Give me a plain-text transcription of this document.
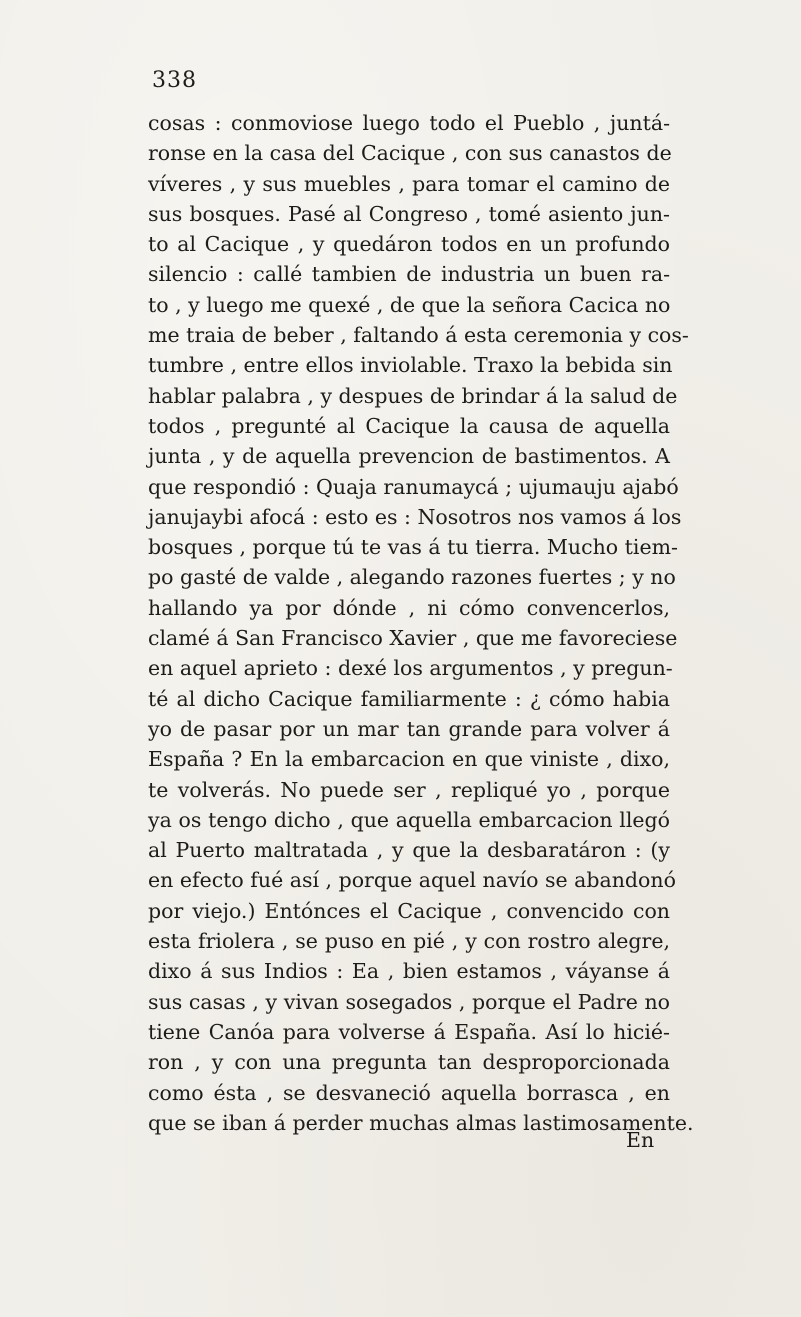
338
cosas : conmoviose luego todo el Pueblo , juntá-
ronse en la casa del Cacique , con sus canastos de
víveres , y sus muebles , para tomar el camino de
sus bosques. Pasé al Congreso , tomé asiento jun-
to al Cacique , y quedáron todos en un profundo
silencio : callé tambien de industria un buen ra-
to , y luego me quexé , de que la señora Cacica no
me traia de beber , faltando á esta ceremonia y cos-
tumbre , entre ellos inviolable. Traxo la bebida sin
hablar palabra , y despues de brindar á la salud de
todos , pregunté al Cacique la causa de aquella
junta , y de aquella prevencion de bastimentos. A
que respondió : Quaja ranumaycá ; ujumauju ajabó
janujaybi afocá : esto es : Nosotros nos vamos á los
bosques , porque tú te vas á tu tierra. Mucho tiem-
po gasté de valde , alegando razones fuertes ; y no
hallando ya por dónde , ni cómo convencerlos,
clamé á San Francisco Xavier , que me favoreciese
en aquel aprieto : dexé los argumentos , y pregun-
té al dicho Cacique familiarmente : ¿ cómo habia
yo de pasar por un mar tan grande para volver á
España ? En la embarcacion en que viniste , dixo,
te volverás. No puede ser , repliqué yo , porque
ya os tengo dicho , que aquella embarcacion llegó
al Puerto maltratada , y que la desbaratáron : (y
en efecto fué así , porque aquel navío se abandonó
por viejo.) Entónces el Cacique , convencido con
esta friolera , se puso en pié , y con rostro alegre,
dixo á sus Indios : Ea , bien estamos , váyanse á
sus casas , y vivan sosegados , porque el Padre no
tiene Canóa para volverse á España. Así lo hicié-
ron , y con una pregunta tan desproporcionada
como ésta , se desvaneció aquella borrasca , en
que se iban á perder muchas almas lastimosamente.
En
